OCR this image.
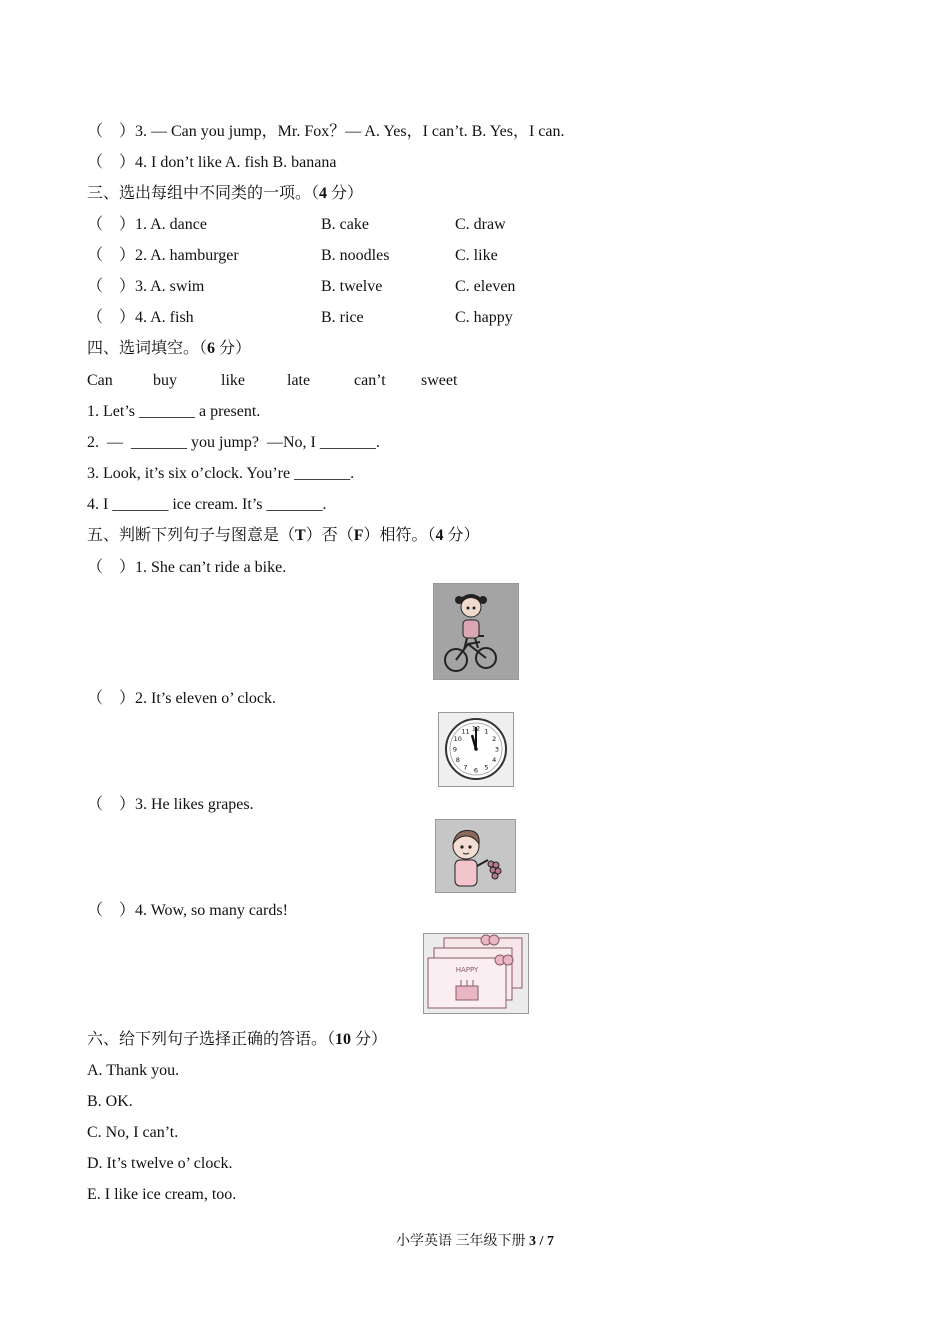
（    ）3. — Can you jump，Mr. Fox？— A. Yes，I can’t. B. Yes，I can.
（    ）4. I don’t like A. fish B. banana
三、选出每组中不同类的一项。（4 分）
（    ）1. A. dance	B. cake	C. draw
（    ）2. A. hamburger	B. noodles	C. like
（    ）3. A. swim	B. twelve	C. eleven
（    ）4. A. fish	B. rice	C. happy
四、选词填空。（6 分）
Can	buy	like	late	can’t sweet
1. Let’s _______ a present.
2.  —  _______ you jump?  —No, I _______.
3. Look, it’s six o’clock. You’re _______.
4. I _______ ice cream. It’s _______.
五、判断下列句子与图意是（T）否（F）相符。（4 分）
（    ）1. She can’t ride a bike.
（    ）2. It’s eleven o’ clock.
12 1
2
3
4
5
6
7
8
9
10
11
（    ）3. He likes grapes.
（    ）4. Wow, so many cards!
HAPPY
六、给下列句子选择正确的答语。（10 分）
A. Thank you.
B. OK.
C. No, I can’t.
D. It’s twelve o’ clock.
E. I like ice cream, too.
小学英语 三年级下册 3 / 7
